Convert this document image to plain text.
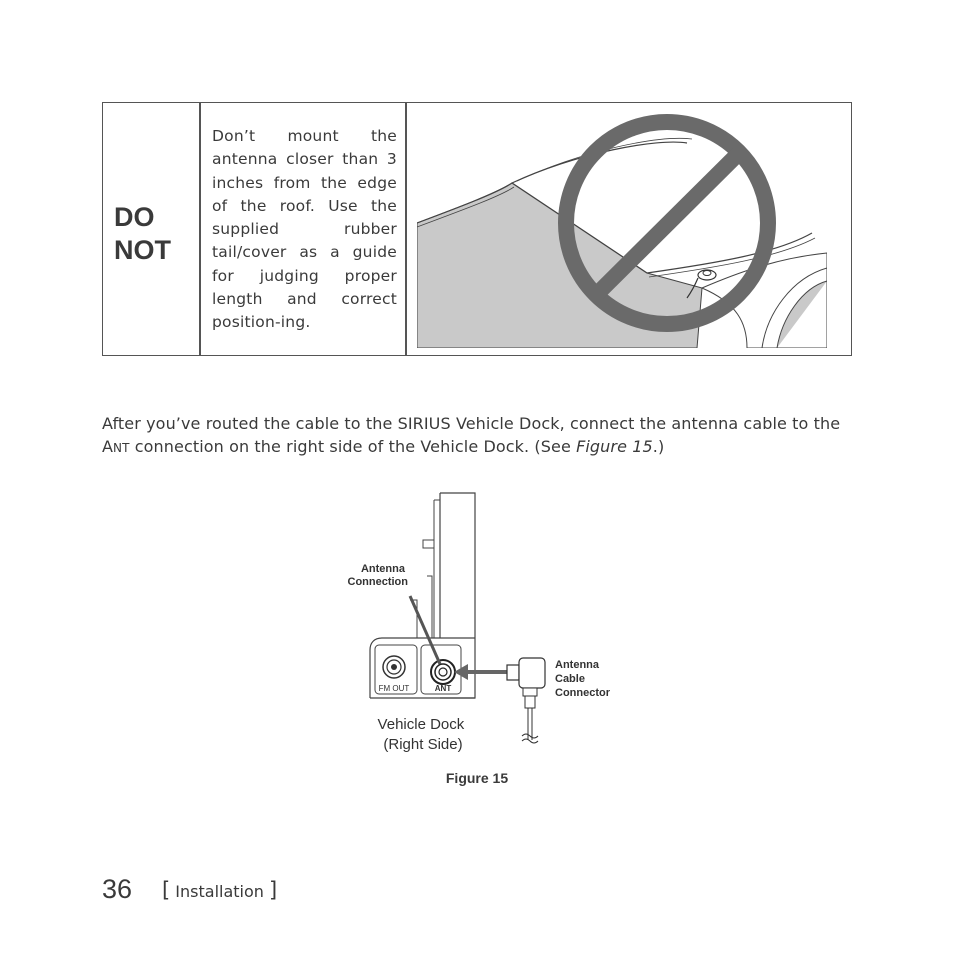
DO
NOT
Don’t mount the antenna closer than 3 inches from the edge of the roof. Use the supplied rubber tail/cover as a guide for judging proper length and correct position-ing.
After you’ve routed the cable to the SIRIUS Vehicle Dock, connect the antenna cable to the ANT connection on the right side of the Vehicle Dock. (See Figure 15.)
Antenna Connection
Antenna Cable Connector
FM OUT	ANT
Vehicle Dock (Right Side)
Figure 15
36 [ Installation ]
